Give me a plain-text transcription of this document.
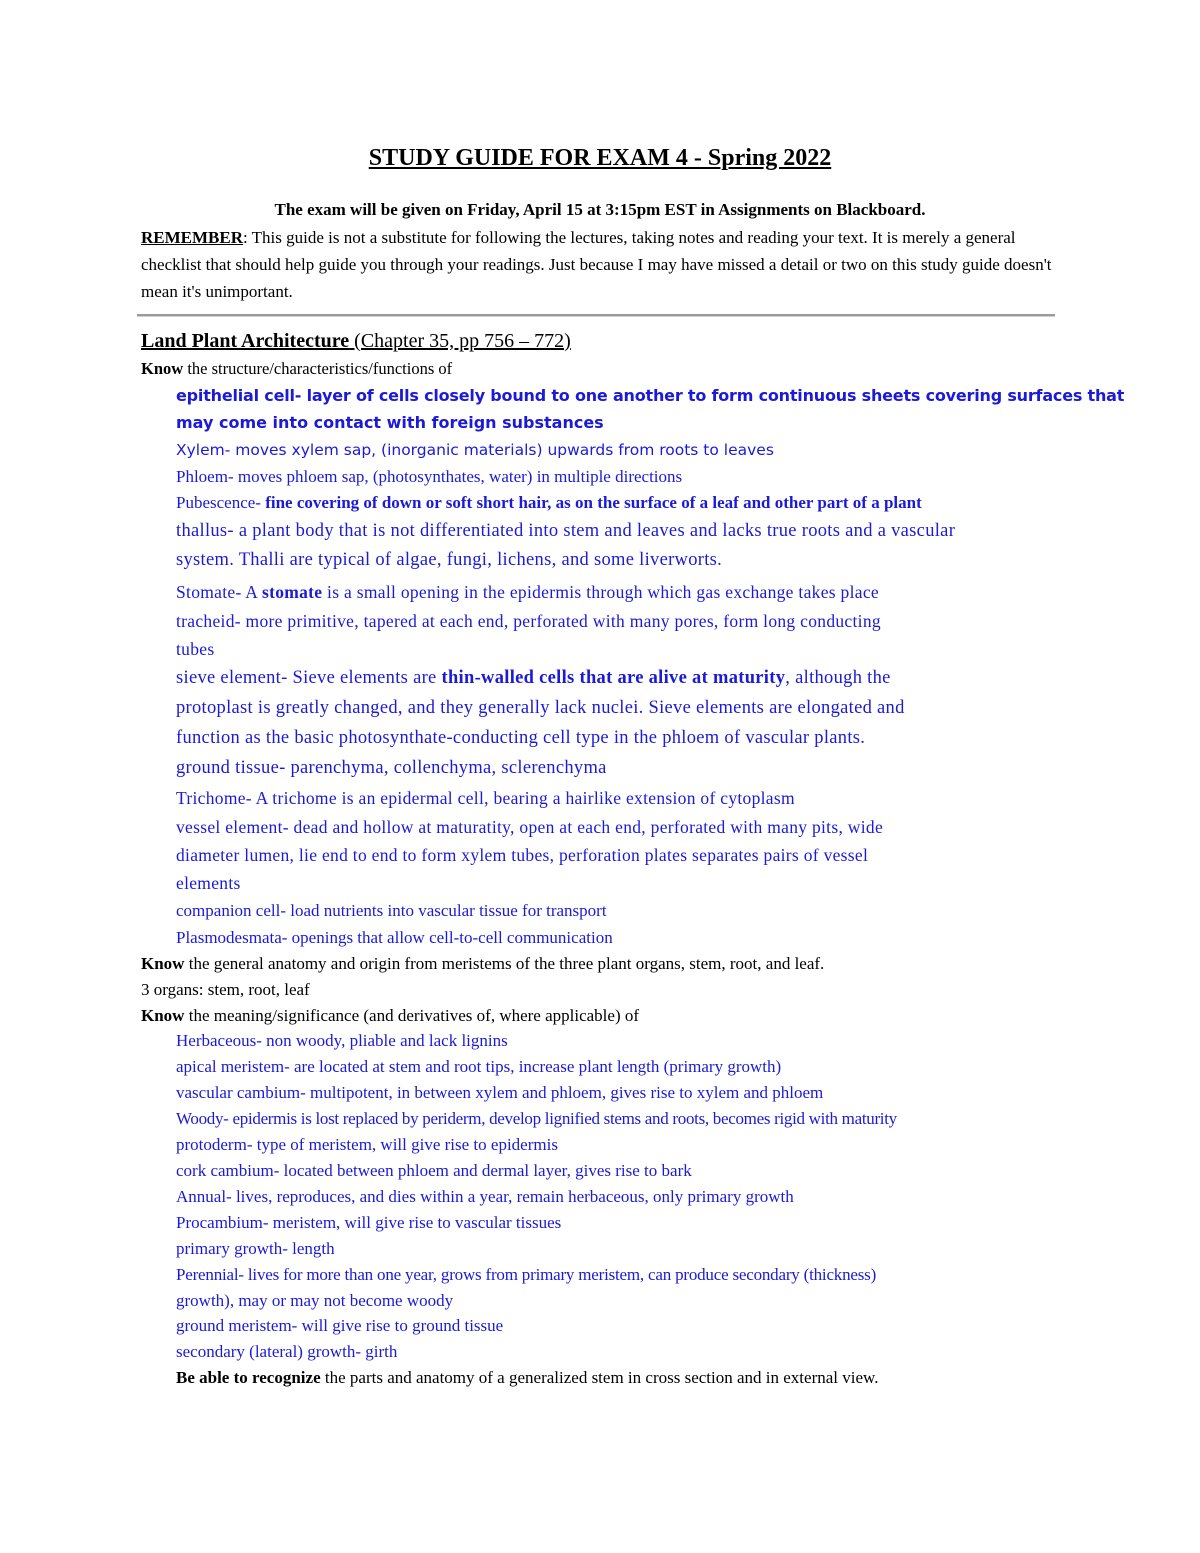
STUDY GUIDE FOR EXAM 4 - Spring 2022
The exam will be given on Friday, April 15 at 3:15pm EST in Assignments on Blackboard.
REMEMBER: This guide is not a substitute for following the lectures, taking notes and reading your text. It is merely a general checklist that should help guide you through your readings. Just because I may have missed a detail or two on this study guide doesn't mean it's unimportant.
Land Plant Architecture (Chapter 35, pp 756 – 772)
Know the structure/characteristics/functions of
epithelial cell- layer of cells closely bound to one another to form continuous sheets covering surfaces that
may come into contact with foreign substances
Xylem- moves xylem sap, (inorganic materials) upwards from roots to leaves
Phloem- moves phloem sap, (photosynthates, water) in multiple directions
Pubescence- fine covering of down or soft short hair, as on the surface of a leaf and other part of a plant
thallus- a plant body that is not differentiated into stem and leaves and lacks true roots and a vascular
system. Thalli are typical of algae, fungi, lichens, and some liverworts.
Stomate- A stomate is a small opening in the epidermis through which gas exchange takes place
tracheid- more primitive, tapered at each end, perforated with many pores, form long conducting
tubes
sieve element- Sieve elements are thin-walled cells that are alive at maturity, although the
protoplast is greatly changed, and they generally lack nuclei. Sieve elements are elongated and
function as the basic photosynthate-conducting cell type in the phloem of vascular plants.
ground tissue- parenchyma, collenchyma, sclerenchyma
Trichome- A trichome is an epidermal cell, bearing a hairlike extension of cytoplasm
vessel element- dead and hollow at maturatity, open at each end, perforated with many pits, wide
diameter lumen, lie end to end to form xylem tubes, perforation plates separates pairs of vessel
elements
companion cell- load nutrients into vascular tissue for transport
Plasmodesmata- openings that allow cell-to-cell communication
Know the general anatomy and origin from meristems of the three plant organs, stem, root, and leaf.
3 organs: stem, root, leaf
Know the meaning/significance (and derivatives of, where applicable) of
Herbaceous- non woody, pliable and lack lignins
apical meristem- are located at stem and root tips, increase plant length (primary growth)
vascular cambium- multipotent, in between xylem and phloem, gives rise to xylem and phloem
Woody- epidermis is lost replaced by periderm, develop lignified stems and roots, becomes rigid with maturity
protoderm- type of meristem, will give rise to epidermis
cork cambium- located between phloem and dermal layer, gives rise to bark
Annual- lives, reproduces, and dies within a year, remain herbaceous, only primary growth
Procambium- meristem, will give rise to vascular tissues
primary growth- length
Perennial- lives for more than one year, grows from primary meristem, can produce secondary (thickness)
growth), may or may not become woody
ground meristem- will give rise to ground tissue
secondary (lateral) growth- girth
Be able to recognize the parts and anatomy of a generalized stem in cross section and in external view.
